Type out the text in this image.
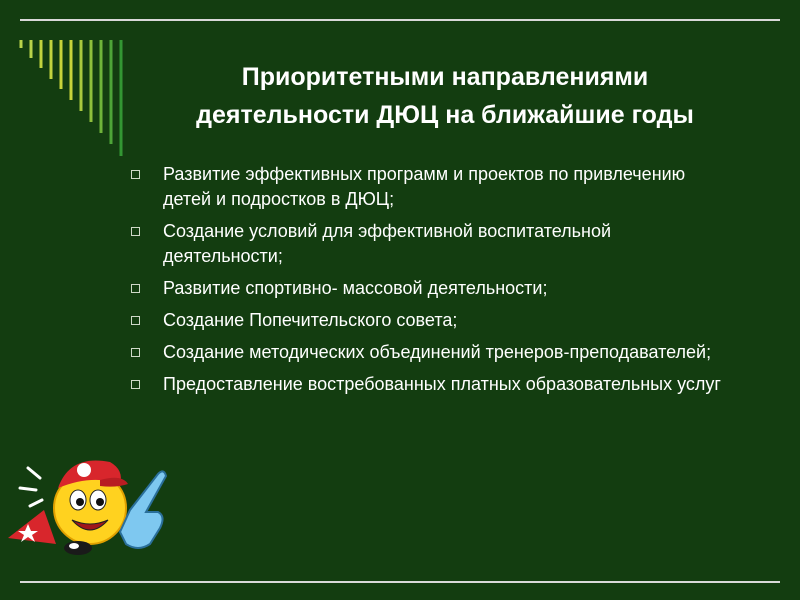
Приоритетными направлениями
деятельности ДЮЦ на ближайшие годы
Развитие эффективных программ и проектов по привлечению детей и подростков в ДЮЦ;
Создание условий для эффективной воспитательной деятельности;
Развитие спортивно- массовой деятельности;
Создание Попечительского совета;
Создание методических объединений тренеров-преподавателей;
Предоставление востребованных платных образовательных услуг
